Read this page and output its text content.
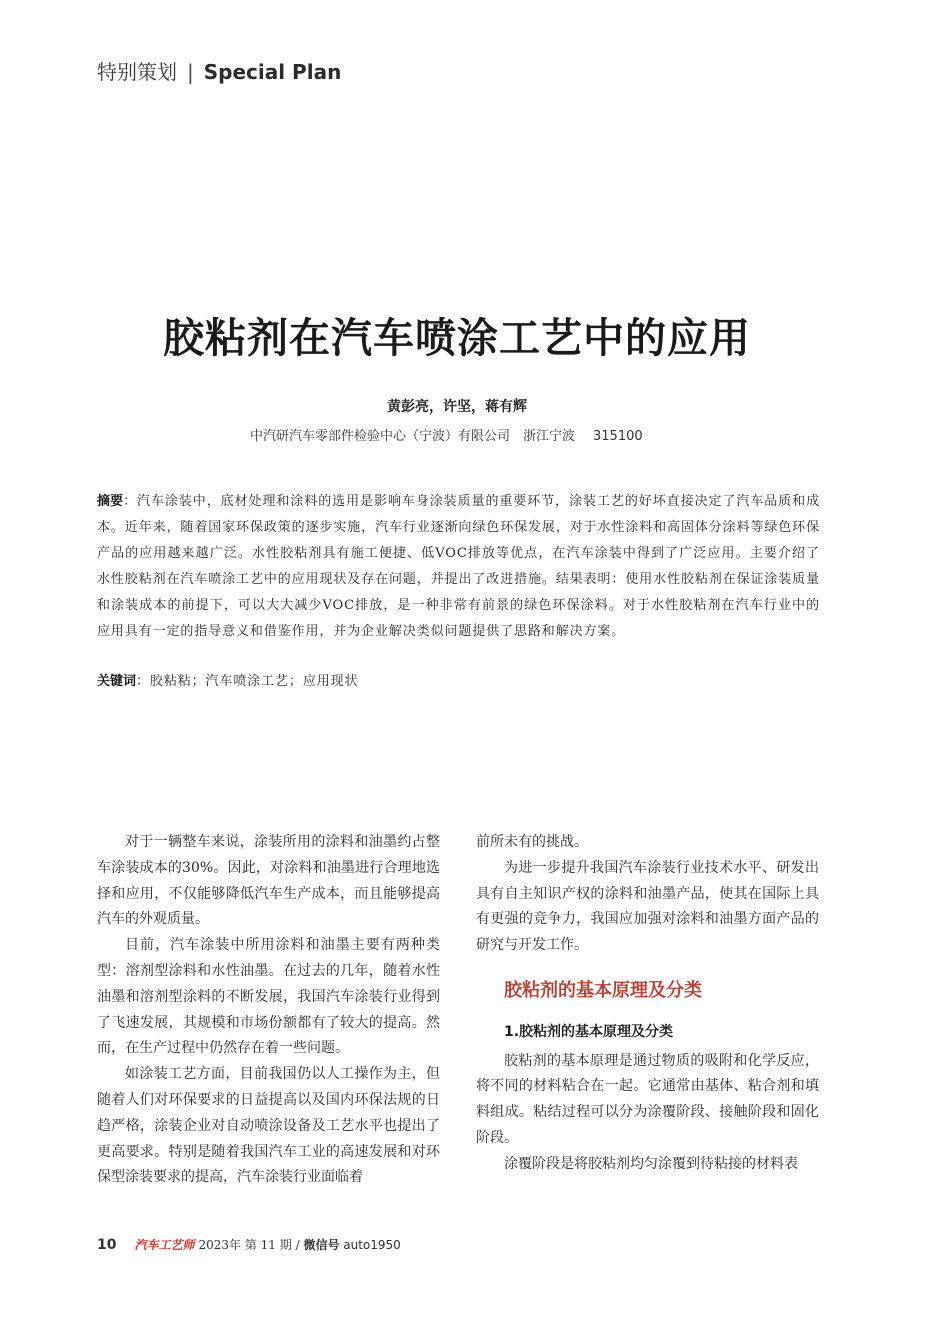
特别策划 | Special Plan
胶粘剂在汽车喷涂工艺中的应用
黄彭亮，许坚，蒋有辉
中汽研汽车零部件检验中心（宁波）有限公司　浙江宁波 315100
摘要：汽车涂装中，底材处理和涂料的选用是影响车身涂装质量的重要环节，涂装工艺的好坏直接决定了汽车品质和成本。近年来，随着国家环保政策的逐步实施，汽车行业逐渐向绿色环保发展，对于水性涂料和高固体分涂料等绿色环保产品的应用越来越广泛。水性胶粘剂具有施工便捷、低VOC排放等优点，在汽车涂装中得到了广泛应用。主要介绍了水性胶粘剂在汽车喷涂工艺中的应用现状及存在问题，并提出了改进措施。结果表明：使用水性胶粘剂在保证涂装质量和涂装成本的前提下，可以大大减少VOC排放，是一种非常有前景的绿色环保涂料。对于水性胶粘剂在汽车行业中的应用具有一定的指导意义和借鉴作用，并为企业解决类似问题提供了思路和解决方案。
关键词：胶粘粘；汽车喷涂工艺；应用现状

对于一辆整车来说，涂装所用的涂料和油墨约占整车涂装成本的30%。因此，对涂料和油墨进行合理地选择和应用，不仅能够降低汽车生产成本，而且能够提高汽车的外观质量。

目前，汽车涂装中所用涂料和油墨主要有两种类型：溶剂型涂料和水性油墨。在过去的几年，随着水性油墨和溶剂型涂料的不断发展，我国汽车涂装行业得到了飞速发展，其规模和市场份额都有了较大的提高。然而，在生产过程中仍然存在着一些问题。

如涂装工艺方面，目前我国仍以人工操作为主，但随着人们对环保要求的日益提高以及国内环保法规的日趋严格，涂装企业对自动喷涂设备及工艺水平也提出了更高要求。特别是随着我国汽车工业的高速发展和对环保型涂装要求的提高，汽车涂装行业面临着

前所未有的挑战。

为进一步提升我国汽车涂装行业技术水平、研发出具有自主知识产权的涂料和油墨产品，使其在国际上具有更强的竞争力，我国应加强对涂料和油墨方面产品的研究与开发工作。

胶粘剂的基本原理及分类

1.胶粘剂的基本原理及分类

胶粘剂的基本原理是通过物质的吸附和化学反应，将不同的材料粘合在一起。它通常由基体、粘合剂和填料组成。粘结过程可以分为涂覆阶段、接触阶段和固化阶段。

涂覆阶段是将胶粘剂均匀涂覆到待粘接的材料表

10 汽车工艺师 2023年 第 11 期 / 微信号 auto1950
